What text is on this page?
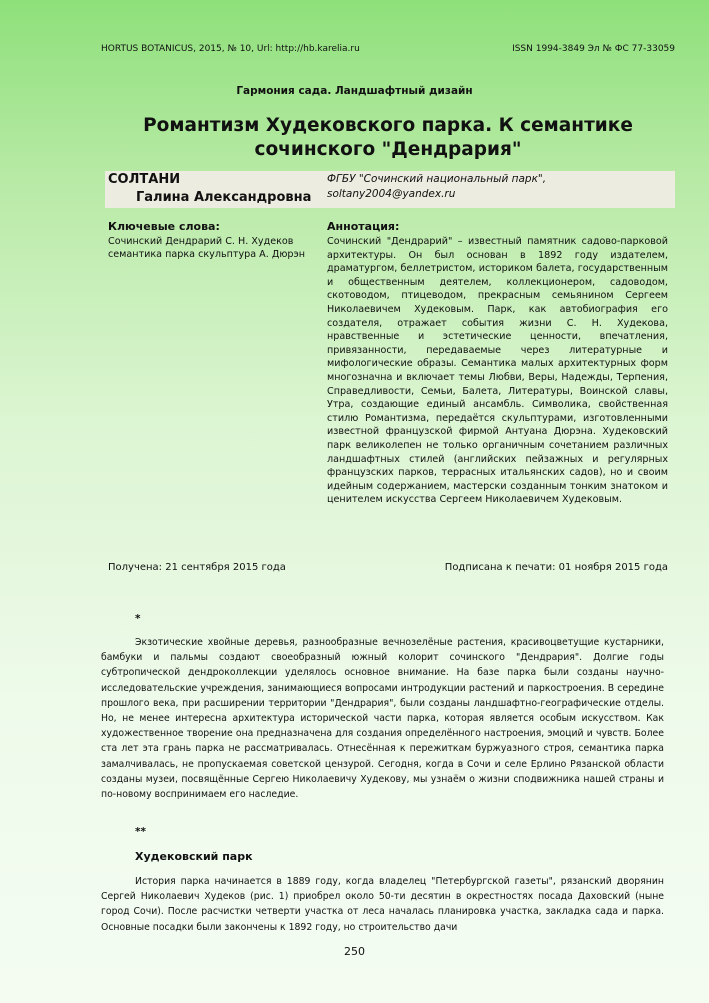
HORTUS BOTANICUS, 2015, № 10, Url: http://hb.karelia.ru	ISSN 1994-3849 Эл № ФС 77-33059
Гармония сада. Ландшафтный дизайн
Романтизм Худековского парка. К семантике сочинского "Дендрария"
СОЛТАНИ
Галина Александровна
ФГБУ "Сочинский национальный парк",
soltany2004@yandex.ru
Ключевые слова:
Сочинский Дендрарий С. Н. Худеков семантика парка скульптура А. Дюрэн
Аннотация:
Сочинский "Дендрарий" – известный памятник садово-парковой архитектуры. Он был основан в 1892 году издателем, драматургом, беллетристом, историком балета, государственным и общественным деятелем, коллекционером, садоводом, скотоводом, птицеводом, прекрасным семьянином Сергеем Николаевичем Худековым. Парк, как автобиография его создателя, отражает события жизни С. Н. Худекова, нравственные и эстетические ценности, впечатления, привязанности, передаваемые через литературные и мифологические образы. Семантика малых архитектурных форм многозначна и включает темы Любви, Веры, Надежды, Терпения, Справедливости, Семьи, Балета, Литературы, Воинской славы, Утра, создающие единый ансамбль. Символика, свойственная стилю Романтизма, передаётся скульптурами, изготовленными известной французской фирмой Антуана Дюрэна. Худековский парк великолепен не только органичным сочетанием различных ландшафтных стилей (английских пейзажных и регулярных французских парков, террасных итальянских садов), но и своим идейным содержанием, мастерски созданным тонким знатоком и ценителем искусства Сергеем Николаевичем Худековым.
Получена: 21 сентября 2015 года	Подписана к печати: 01 ноября 2015 года
*

Экзотические хвойные деревья, разнообразные вечнозелёные растения, красивоцветущие кустарники, бамбуки и пальмы создают своеобразный южный колорит сочинского "Дендрария". Долгие годы субтропической дендроколлекции уделялось основное внимание. На базе парка были созданы научно-исследовательские учреждения, занимающиеся вопросами интродукции растений и паркостроения. В середине прошлого века, при расширении территории "Дендрария", были созданы ландшафтно-географические отделы. Но, не менее интересна архитектура исторической части парка, которая является особым искусством. Как художественное творение она предназначена для создания определённого настроения, эмоций и чувств. Более ста лет эта грань парка не рассматривалась. Отнесённая к пережиткам буржуазного строя, семантика парка замалчивалась, не пропускаемая советской цензурой. Сегодня, когда в Сочи и селе Ерлино Рязанской области созданы музеи, посвящённые Сергею Николаевичу Худекову, мы узнаём о жизни сподвижника нашей страны и по-новому воспринимаем его наследие.

**
Худековский парк

История парка начинается в 1889 году, когда владелец "Петербургской газеты", рязанский дворянин Сергей Николаевич Худеков (рис. 1) приобрел около 50-ти десятин в окрестностях посада Даховский (ныне город Сочи). После расчистки четверти участка от леса началась планировка участка, закладка сада и парка. Основные посадки были закончены к 1892 году, но строительство дачи

250
